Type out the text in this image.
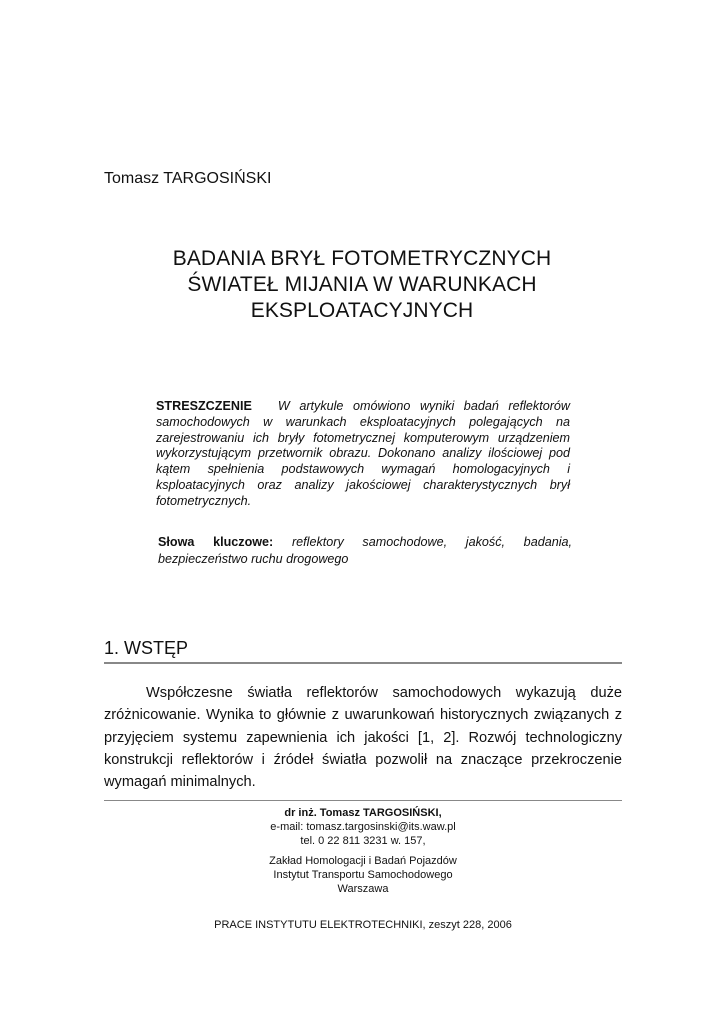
Tomasz TARGOSIŃSKI
BADANIA BRYŁ FOTOMETRYCZNYCH
ŚWIATEŁ MIJANIA W WARUNKACH
EKSPLOATACYJNYCH
STRESZCZENIE W artykule omówiono wyniki badań reflektorów samochodowych w warunkach eksploatacyjnych polegających na zarejestrowaniu ich bryły fotometrycznej komputerowym urządzeniem wykorzystującym przetwornik obrazu. Dokonano analizy ilościowej pod kątem spełnienia podstawowych wymagań homologacyjnych i ksploatacyjnych oraz analizy jakościowej charakterystycznych brył fotometrycznych.
Słowa kluczowe: reflektory samochodowe, jakość, badania, bezpieczeństwo ruchu drogowego
1. WSTĘP
Współczesne światła reflektorów samochodowych wykazują duże zróżnicowanie. Wynika to głównie z uwarunkowań historycznych związanych z przyjęciem systemu zapewnienia ich jakości [1, 2]. Rozwój technologiczny konstrukcji reflektorów i źródeł światła pozwolił na znaczące przekroczenie wymagań minimalnych.
dr inż. Tomasz TARGOSIŃSKI,
e-mail: tomasz.targosinski@its.waw.pl
tel. 0 22 811 3231 w. 157,
Zakład Homologacji i Badań Pojazdów
Instytut Transportu Samochodowego
Warszawa
PRACE INSTYTUTU ELEKTROTECHNIKI, zeszyt 228, 2006
